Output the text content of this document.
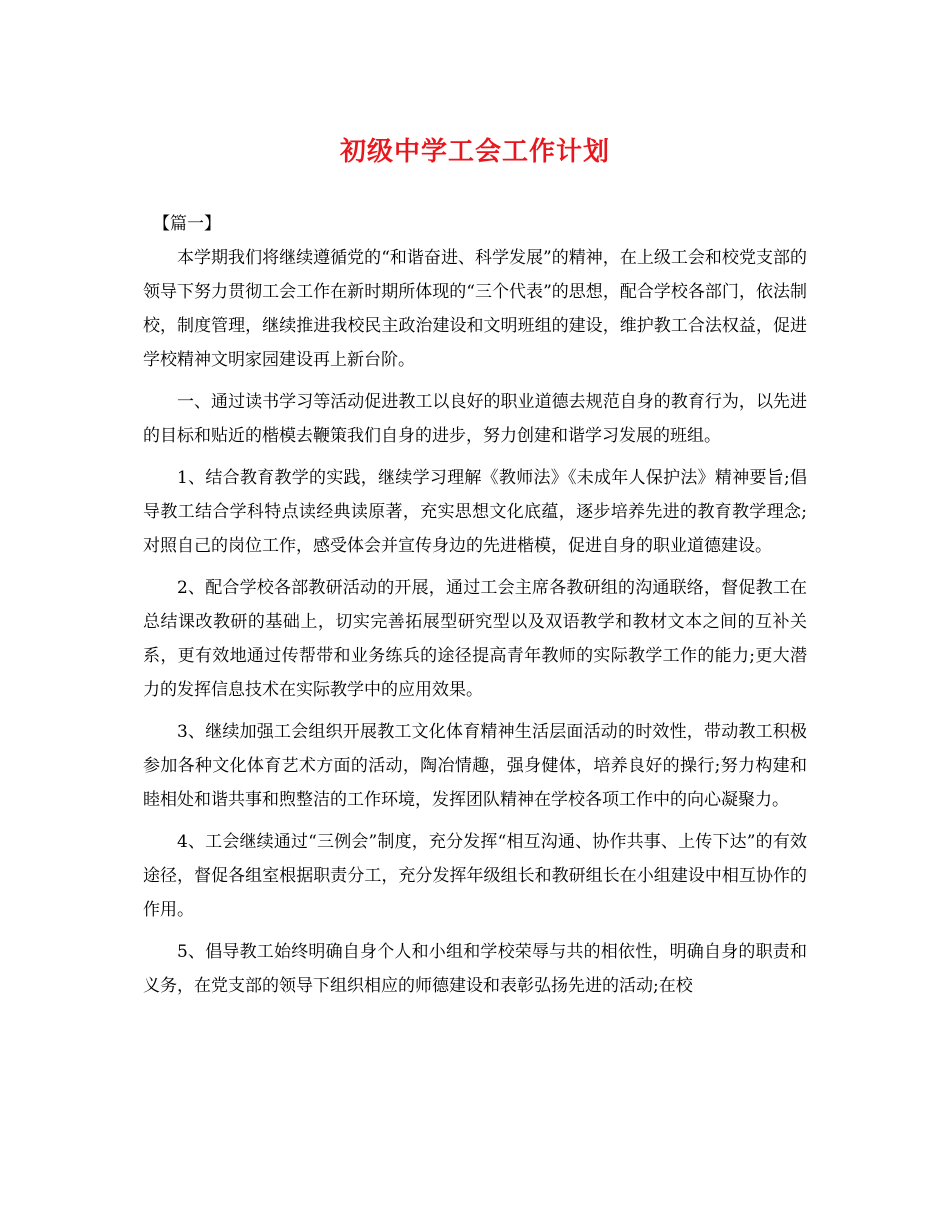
初级中学工会工作计划

【篇一】

本学期我们将继续遵循党的“和谐奋进、科学发展”的精神，在上级工会和校党支部的领导下努力贯彻工会工作在新时期所体现的“三个代表”的思想，配合学校各部门，依法制校，制度管理，继续推进我校民主政治建设和文明班组的建设，维护教工合法权益，促进学校精神文明家园建设再上新台阶。

一、通过读书学习等活动促进教工以良好的职业道德去规范自身的教育行为，以先进的目标和贴近的楷模去鞭策我们自身的进步，努力创建和谐学习发展的班组。

1、结合教育教学的实践，继续学习理解《教师法》《未成年人保护法》精神要旨;倡导教工结合学科特点读经典读原著，充实思想文化底蕴，逐步培养先进的教育教学理念;对照自己的岗位工作，感受体会并宣传身边的先进楷模，促进自身的职业道德建设。

2、配合学校各部教研活动的开展，通过工会主席各教研组的沟通联络，督促教工在总结课改教研的基础上，切实完善拓展型研究型以及双语教学和教材文本之间的互补关系，更有效地通过传帮带和业务练兵的途径提高青年教师的实际教学工作的能力;更大潜力的发挥信息技术在实际教学中的应用效果。

3、继续加强工会组织开展教工文化体育精神生活层面活动的时效性，带动教工积极参加各种文化体育艺术方面的活动，陶冶情趣，强身健体，培养良好的操行;努力构建和睦相处和谐共事和煦整洁的工作环境，发挥团队精神在学校各项工作中的向心凝聚力。

4、工会继续通过“三例会”制度，充分发挥“相互沟通、协作共事、上传下达”的有效途径，督促各组室根据职责分工，充分发挥年级组长和教研组长在小组建设中相互协作的作用。

5、倡导教工始终明确自身个人和小组和学校荣辱与共的相依性，明确自身的职责和义务，在党支部的领导下组织相应的师德建设和表彰弘扬先进的活动;在校
